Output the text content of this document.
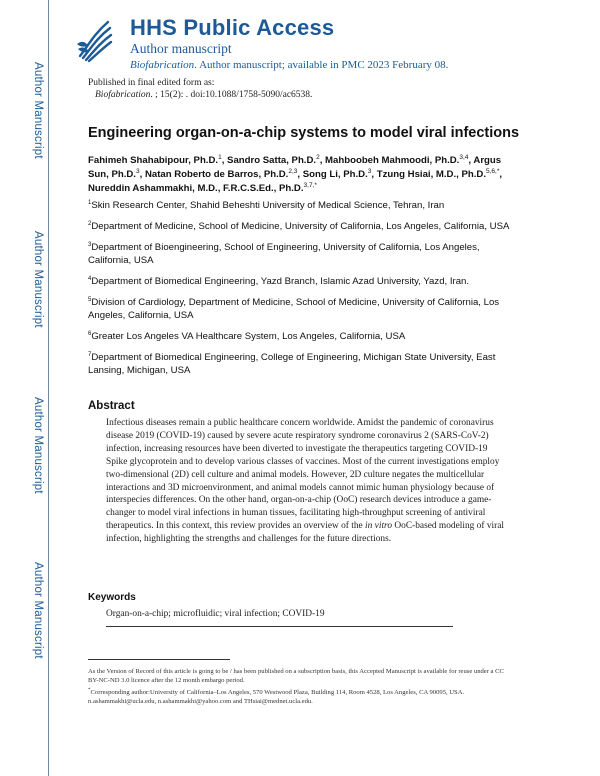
Author Manuscript
Author Manuscript
Author Manuscript
Author Manuscript
HHS Public Access
Author manuscript
Biofabrication. Author manuscript; available in PMC 2023 February 08.
Published in final edited form as:
Biofabrication. ; 15(2): . doi:10.1088/1758-5090/ac6538.
Engineering organ-on-a-chip systems to model viral infections
Fahimeh Shahabipour, Ph.D.$^1$, Sandro Satta, Ph.D.$^2$, Mahboobeh Mahmoodi, Ph.D.$^{3,4}$, Argus Sun, Ph.D.$^3$, Natan Roberto de Barros, Ph.D.$^{2,3}$, Song Li, Ph.D.$^3$, Tzung Hsiai, M.D., Ph.D.$^{5,6,*}$, Nureddin Ashammakhi, M.D., F.R.C.S.Ed., Ph.D.$^{3,7,*}$

$^1$Skin Research Center, Shahid Beheshti University of Medical Science, Tehran, Iran

$^2$Department of Medicine, School of Medicine, University of California, Los Angeles, California, USA

$^3$Department of Bioengineering, School of Engineering, University of California, Los Angeles, California, USA

$^4$Department of Biomedical Engineering, Yazd Branch, Islamic Azad University, Yazd, Iran.

$^5$Division of Cardiology, Department of Medicine, School of Medicine, University of California, Los Angeles, California, USA

$^6$Greater Los Angeles VA Healthcare System, Los Angeles, California, USA

$^7$Department of Biomedical Engineering, College of Engineering, Michigan State University, East Lansing, Michigan, USA

Abstract
Infectious diseases remain a public healthcare concern worldwide. Amidst the pandemic of coronavirus disease 2019 (COVID-19) caused by severe acute respiratory syndrome coronavirus 2 (SARS-CoV-2) infection, increasing resources have been diverted to investigate the therapeutics targeting COVID-19 Spike glycoprotein and to develop various classes of vaccines. Most of the current investigations employ two-dimensional (2D) cell culture and animal models. However, 2D culture negates the multicellular interactions and 3D microenvironment, and animal models cannot mimic human physiology because of interspecies differences. On the other hand, organ-on-a-chip (OoC) research devices introduce a game-changer to model viral infections in human tissues, facilitating high-throughput screening of antiviral therapeutics. In this context, this review provides an overview of the in vitro OoC-based modeling of viral infection, highlighting the strengths and challenges for the future directions.
Keywords
Organ-on-a-chip; microfluidic; viral infection; COVID-19

As the Version of Record of this article is going to be / has been published on a subscription basis, this Accepted Manuscript is available for reuse under a CC BY-NC-ND 3.0 licence after the 12 month embargo period.

*Corresponding author:University of California–Los Angeles, 570 Westwood Plaza, Building 114, Room 4528, Los Angeles, CA 90095, USA. n.ashammakhi@ucla.edu, n.ashammakhi@yahoo.com and THsiai@mednet.ucla.edu.
